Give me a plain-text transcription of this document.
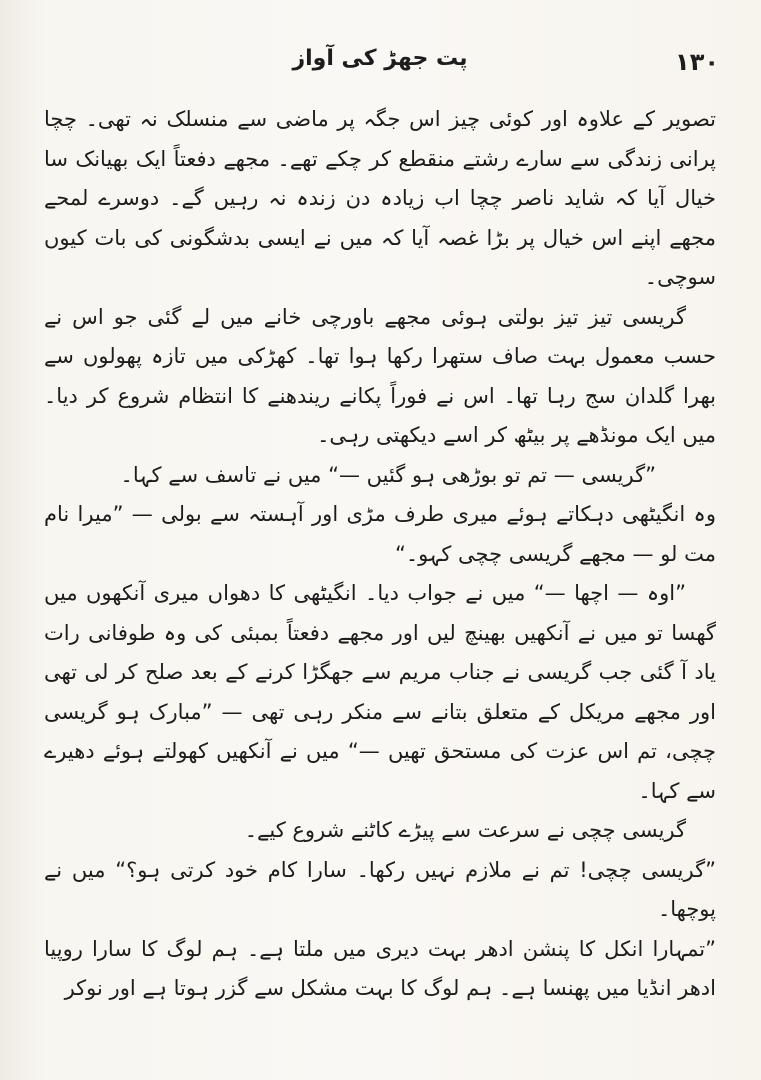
پت جھڑ کی آواز	۱۳۰

تصویر کے علاوہ اور کوئی چیز اس جگہ پر ماضی سے منسلک نہ تھی۔ چچا پرانی زندگی سے سارے رشتے منقطع کر چکے تھے۔ مجھے دفعتاً ایک بھیانک سا خیال آیا کہ شاید ناصر چچا اب زیادہ دن زندہ نہ رہیں گے۔ دوسرے لمحے مجھے اپنے اس خیال پر بڑا غصہ آیا کہ میں نے ایسی بدشگونی کی بات کیوں سوچی۔

گریسی تیز تیز بولتی ہوئی مجھے باورچی خانے میں لے گئی جو اس نے حسب معمول بہت صاف ستھرا رکھا ہوا تھا۔ کھڑکی میں تازہ پھولوں سے بھرا گلدان سج رہا تھا۔ اس نے فوراً پکانے ریندھنے کا انتظام شروع کر دیا۔ میں ایک مونڈھے پر بیٹھ کر اسے دیکھتی رہی۔

”گریسی — تم تو بوڑھی ہو گئیں —“ میں نے تاسف سے کہا۔

وہ انگیٹھی دہکاتے ہوئے میری طرف مڑی اور آہستہ سے بولی — ”میرا نام مت لو — مجھے گریسی چچی کہو۔“

”اوہ — اچھا —“ میں نے جواب دیا۔ انگیٹھی کا دھواں میری آنکھوں میں گھسا تو میں نے آنکھیں بھینچ لیں اور مجھے دفعتاً بمبئی کی وہ طوفانی رات یاد آ گئی جب گریسی نے جناب مریم سے جھگڑا کرنے کے بعد صلح کر لی تھی اور مجھے مریکل کے متعلق بتانے سے منکر رہی تھی — ”مبارک ہو گریسی چچی، تم اس عزت کی مستحق تھیں —“ میں نے آنکھیں کھولتے ہوئے دھیرے سے کہا۔

گریسی چچی نے سرعت سے پیڑے کاٹنے شروع کیے۔

”گریسی چچی! تم نے ملازم نہیں رکھا۔ سارا کام خود کرتی ہو؟“ میں نے پوچھا۔

”تمہارا انکل کا پنشن ادھر بہت دیری میں ملتا ہے۔ ہم لوگ کا سارا روپیا ادھر انڈیا میں پھنسا ہے۔ ہم لوگ کا بہت مشکل سے گزر ہوتا ہے اور نوکر
